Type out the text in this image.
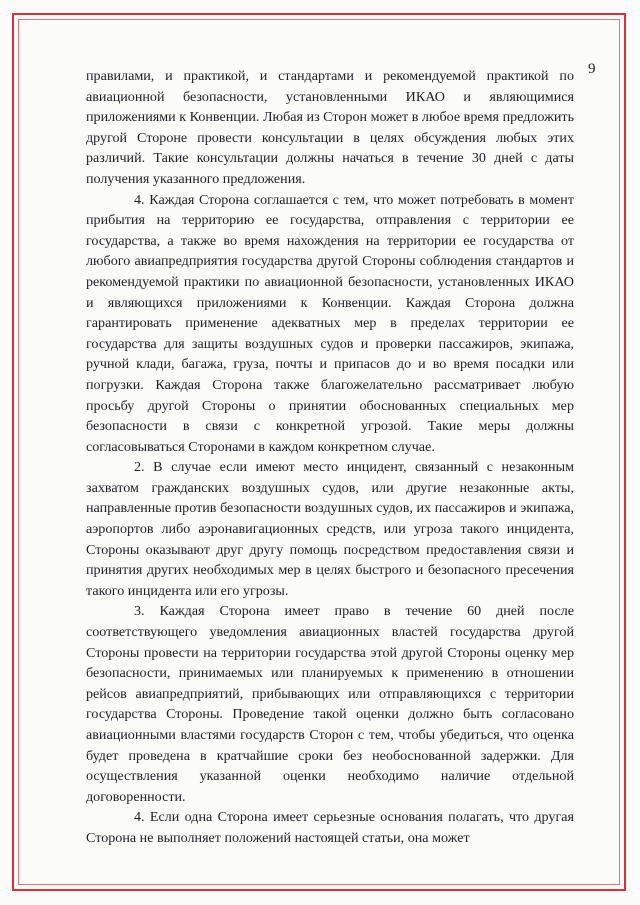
9

правилами, и практикой, и стандартами и рекомендуемой практикой по авиационной безопасности, установленными ИКАО и являющимися приложениями к Конвенции. Любая из Сторон может в любое время предложить другой Стороне провести консультации в целях обсуждения любых этих различий. Такие консультации должны начаться в течение 30 дней с даты получения указанного предложения.

4. Каждая Сторона соглашается с тем, что может потребовать в момент прибытия на территорию ее государства, отправления с территории ее государства, а также во время нахождения на территории ее государства от любого авиапредприятия государства другой Стороны соблюдения стандартов и рекомендуемой практики по авиационной безопасности, установленных ИКАО и являющихся приложениями к Конвенции. Каждая Сторона должна гарантировать применение адекватных мер в пределах территории ее государства для защиты воздушных судов и проверки пассажиров, экипажа, ручной клади, багажа, груза, почты и припасов до и во время посадки или погрузки. Каждая Сторона также благожелательно рассматривает любую просьбу другой Стороны о принятии обоснованных специальных мер безопасности в связи с конкретной угрозой. Такие меры должны согласовываться Сторонами в каждом конкретном случае.

2. В случае если имеют место инцидент, связанный с незаконным захватом гражданских воздушных судов, или другие незаконные акты, направленные против безопасности воздушных судов, их пассажиров и экипажа, аэропортов либо аэронавигационных средств, или угроза такого инцидента, Стороны оказывают друг другу помощь посредством предоставления связи и принятия других необходимых мер в целях быстрого и безопасного пресечения такого инцидента или его угрозы.

3. Каждая Сторона имеет право в течение 60 дней после соответствующего уведомления авиационных властей государства другой Стороны провести на территории государства этой другой Стороны оценку мер безопасности, принимаемых или планируемых к применению в отношении рейсов авиапредприятий, прибывающих или отправляющихся с территории государства Стороны. Проведение такой оценки должно быть согласовано авиационными властями государств Сторон с тем, чтобы убедиться, что оценка будет проведена в кратчайшие сроки без необоснованной задержки. Для осуществления указанной оценки необходимо наличие отдельной договоренности.

4. Если одна Сторона имеет серьезные основания полагать, что другая Сторона не выполняет положений настоящей статьи, она может
